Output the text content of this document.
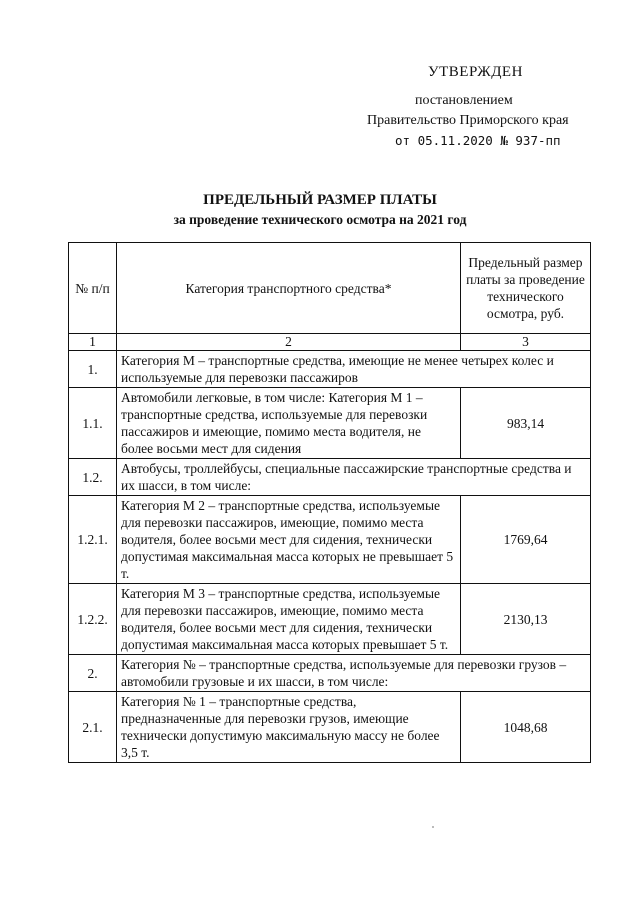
УТВЕРЖДЕН
постановлением
Правительство Приморского края
от 05.11.2020 № 937-пп
ПРЕДЕЛЬНЫЙ РАЗМЕР ПЛАТЫ
за проведение технического осмотра на 2021 год
№ п/п	Категория транспортного средства*	Предельный размер платы за проведение технического осмотра, руб.
1	2	3
1.	Категория М – транспортные средства, имеющие не менее четырех колес и используемые для перевозки пассажиров	
1.1.	Автомобили легковые, в том числе: Категория М 1 – транспортные средства, используемые для перевозки пассажиров и имеющие, помимо места водителя, не более восьми мест для сидения	983,14
1.2.	Автобусы, троллейбусы, специальные пассажирские транспортные средства и их шасси, в том числе:	
1.2.1.	Категория М 2 – транспортные средства, используемые для перевозки пассажиров, имеющие, помимо места водителя, более восьми мест для сидения, технически допустимая максимальная масса которых не превышает 5 т.	1769,64
1.2.2.	Категория М 3 – транспортные средства, используемые для перевозки пассажиров, имеющие, помимо места водителя, более восьми мест для сидения, технически допустимая максимальная масса которых превышает 5 т.	2130,13
2.	Категория № – транспортные средства, используемые для перевозки грузов – автомобили грузовые и их шасси, в том числе:	
2.1.	Категория № 1 – транспортные средства, предназначенные для перевозки грузов, имеющие технически допустимую максимальную массу не более 3,5 т.	1048,68
